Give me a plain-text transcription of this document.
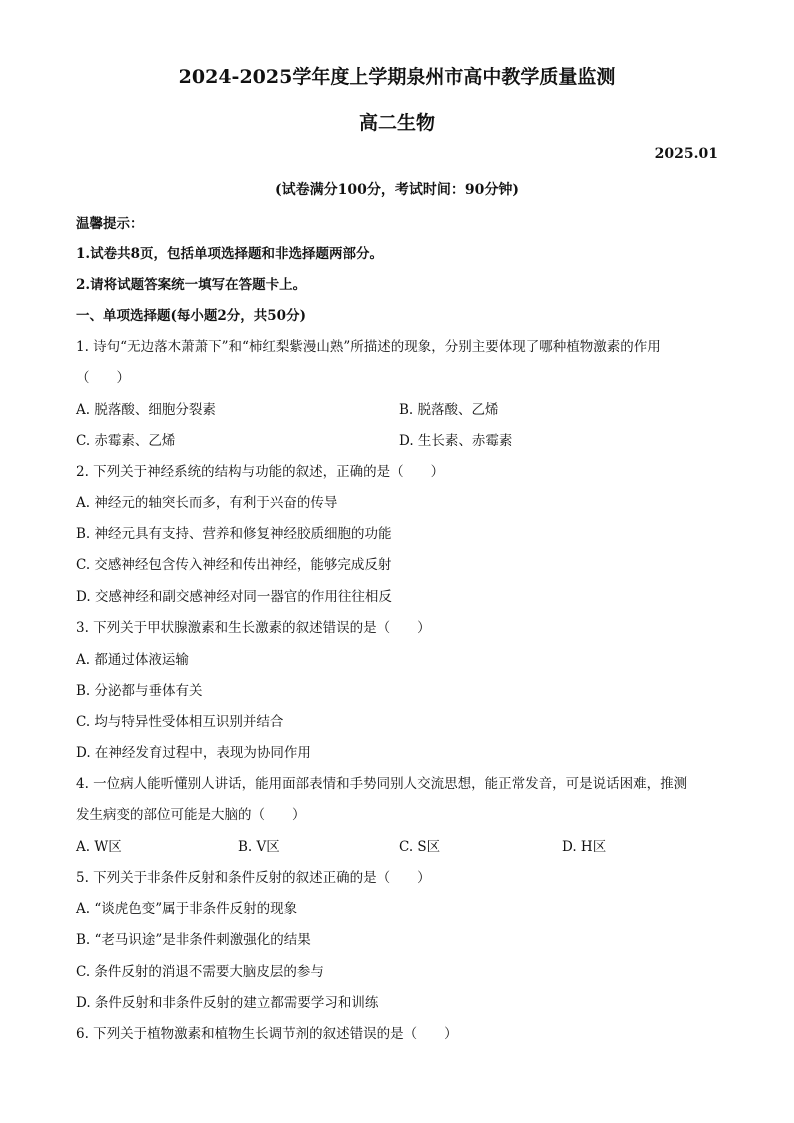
2024-2025学年度上学期泉州市高中教学质量监测
高二生物
2025.01
(试卷满分100分，考试时间：90分钟)
温馨提示：
1.试卷共8页，包括单项选择题和非选择题两部分。
2.请将试题答案统一填写在答题卡上。
一、单项选择题(每小题2分，共50分)
1. 诗句“无边落木萧萧下”和“柿红梨紫漫山熟”所描述的现象，分别主要体现了哪种植物激素的作用
（　　）
A. 脱落酸、细胞分裂素	B. 脱落酸、乙烯
C. 赤霉素、乙烯	D. 生长素、赤霉素
2. 下列关于神经系统的结构与功能的叙述，正确的是（　　）
A. 神经元的轴突长而多，有利于兴奋的传导
B. 神经元具有支持、营养和修复神经胶质细胞的功能
C. 交感神经包含传入神经和传出神经，能够完成反射
D. 交感神经和副交感神经对同一器官的作用往往相反
3. 下列关于甲状腺激素和生长激素的叙述错误的是（　　）
A. 都通过体液运输
B. 分泌都与垂体有关
C. 均与特异性受体相互识别并结合
D. 在神经发育过程中，表现为协同作用
4. 一位病人能听懂别人讲话，能用面部表情和手势同别人交流思想，能正常发音，可是说话困难，推测
发生病变的部位可能是大脑的（　　）
A. W区	B. V区	C. S区	D. H区
5. 下列关于非条件反射和条件反射的叙述正确的是（　　）
A. “谈虎色变”属于非条件反射的现象
B. “老马识途”是非条件刺激强化的结果
C. 条件反射的消退不需要大脑皮层的参与
D. 条件反射和非条件反射的建立都需要学习和训练
6. 下列关于植物激素和植物生长调节剂的叙述错误的是（　　）
